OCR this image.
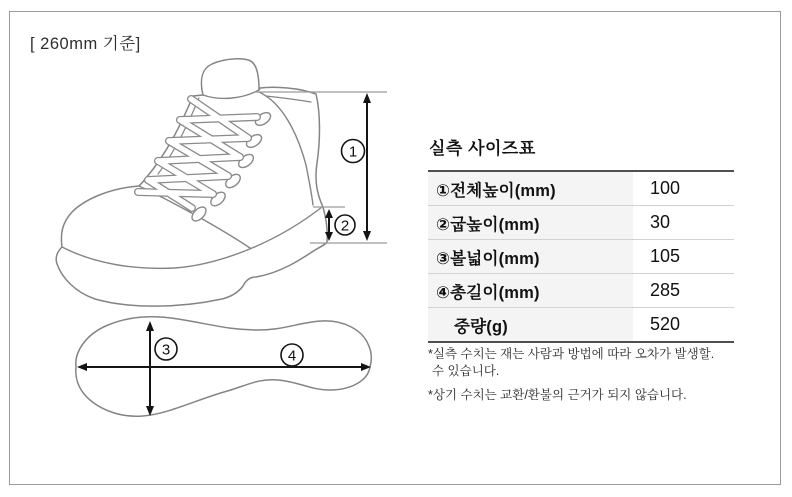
[ 260mm 기준]
1
2
3	4
실측 사이즈표
①전체높이(mm)	100
②굽높이(mm)	30
③볼넓이(mm)	105
④총길이(mm)	285
중량(g)	520
*실측 수치는 재는 사람과 방법에 따라 오차가 발생할.
수 있습니다.
*상기 수치는 교환/환불의 근거가 되지 않습니다.
